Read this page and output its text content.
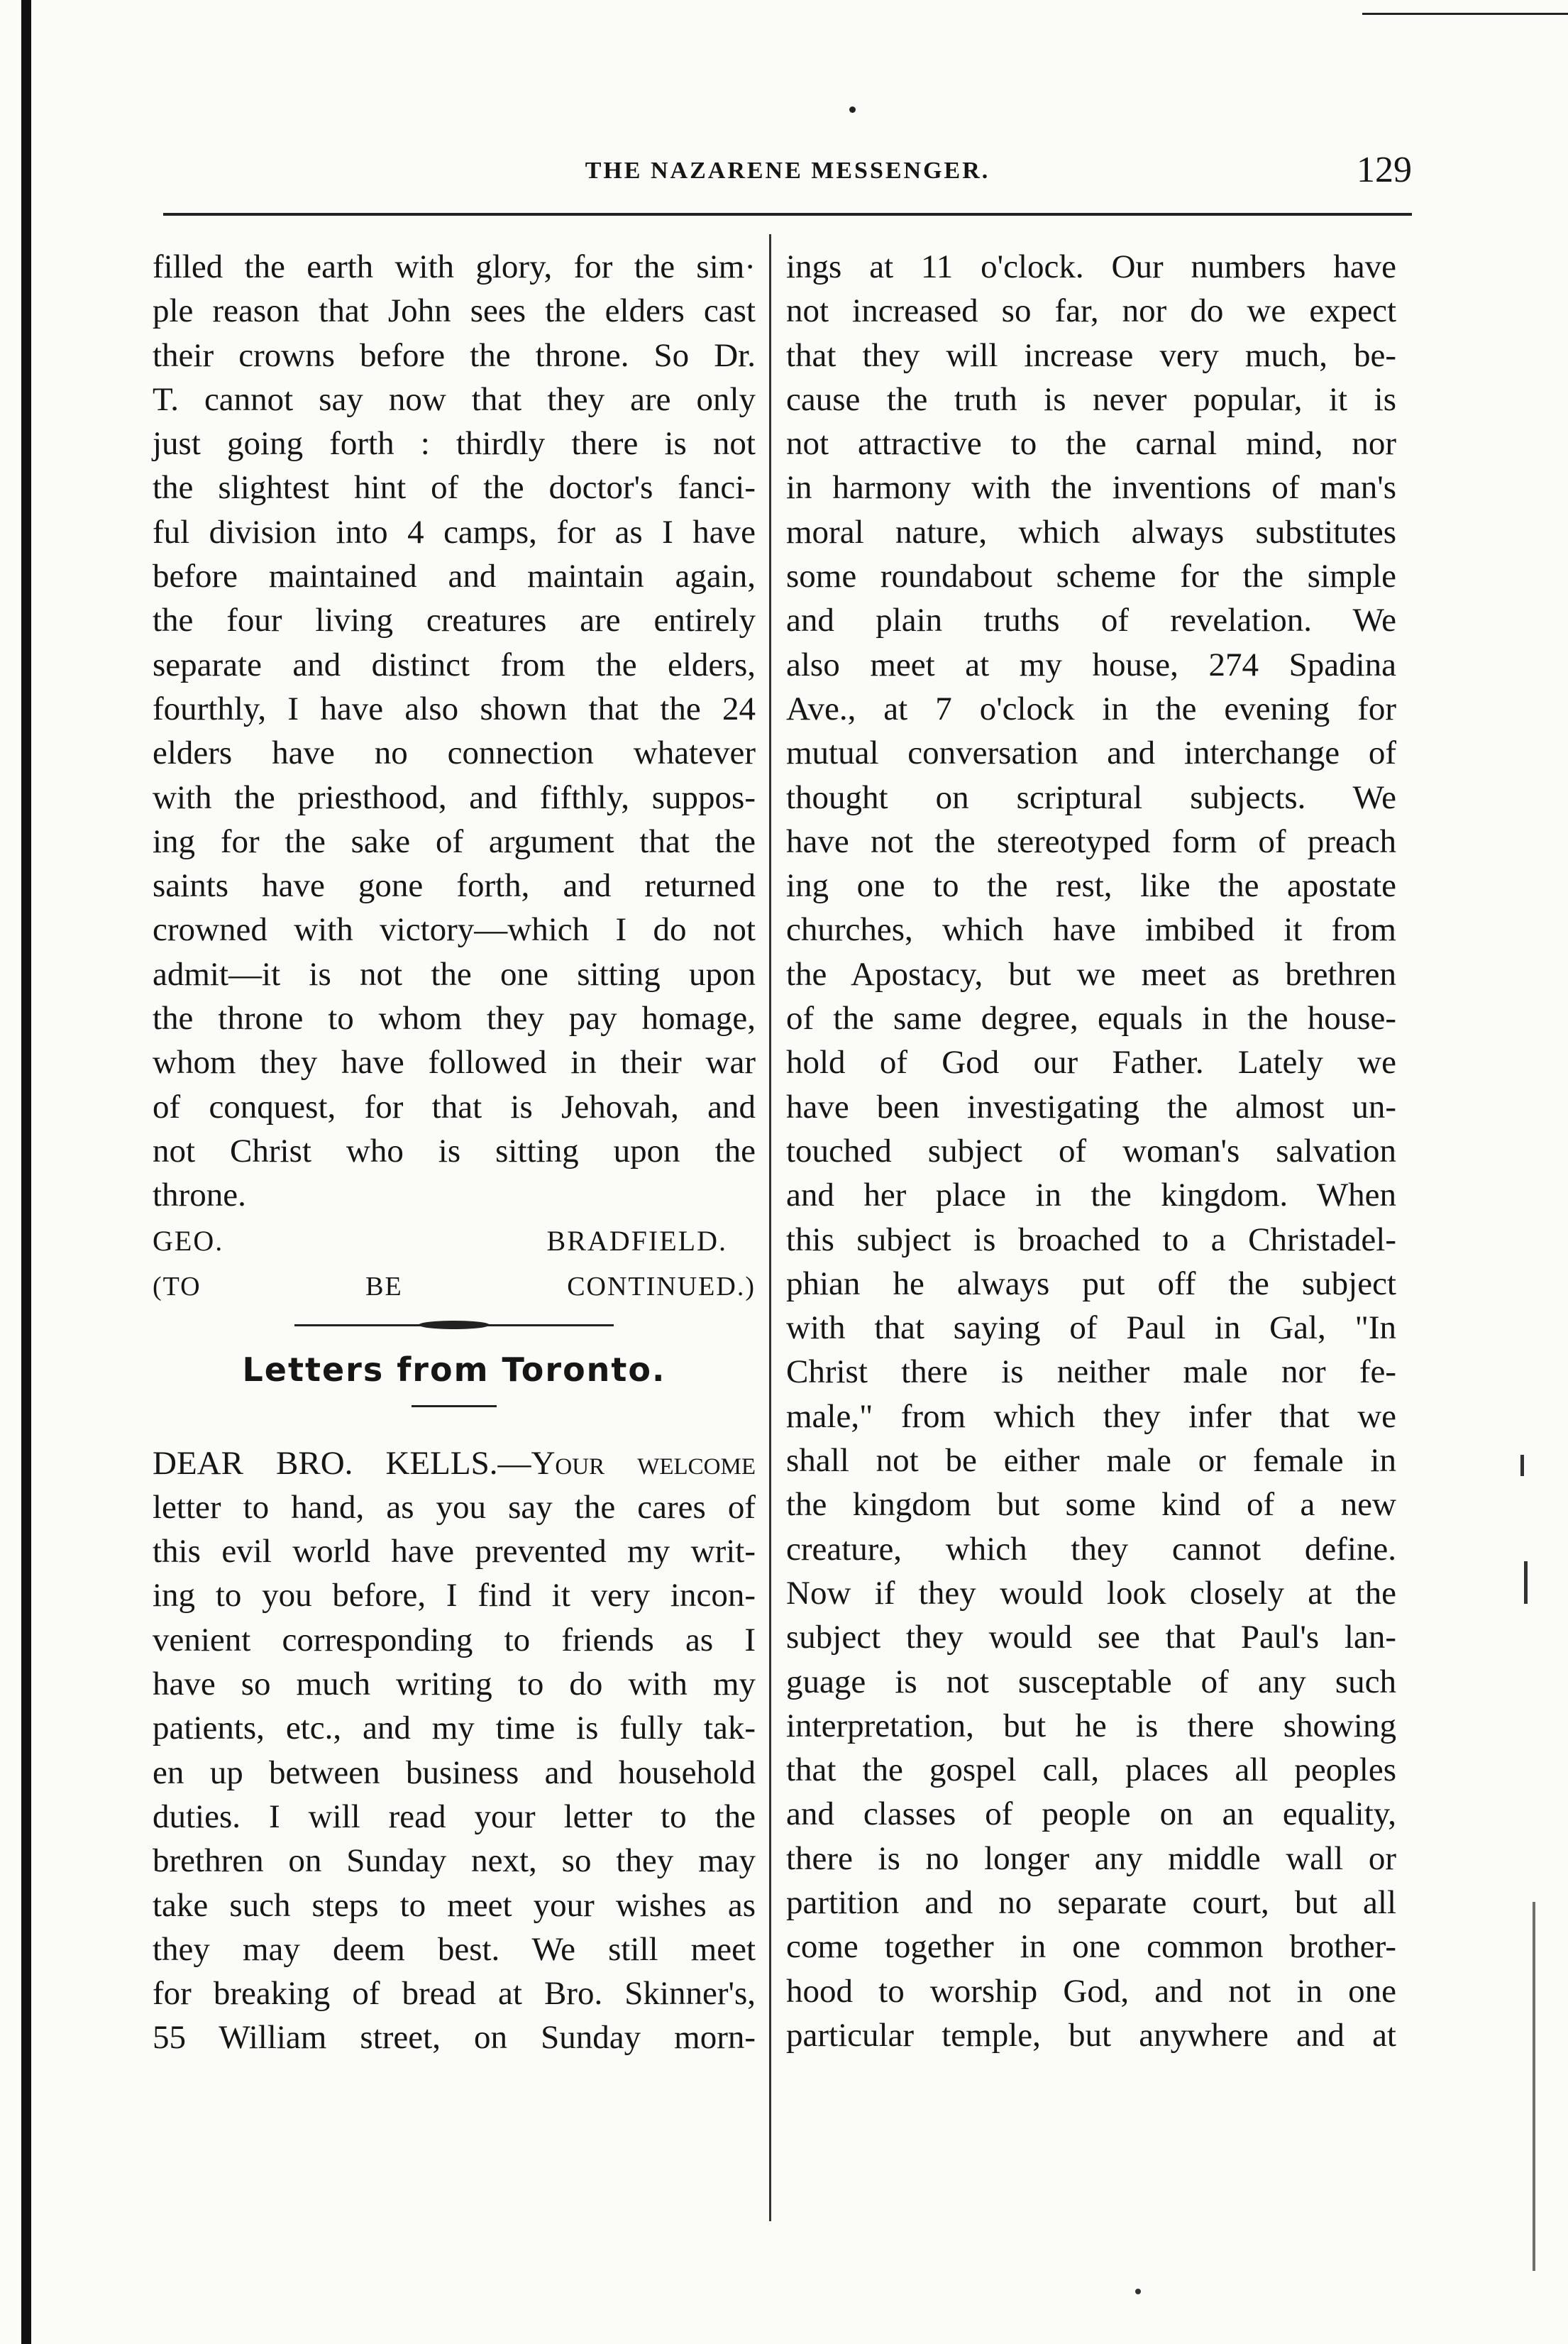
THE NAZARENE MESSENGER.	129

filled the earth with glory, for the sim·

ple reason that John sees the elders cast

their crowns before the throne. So Dr.

T. cannot say now that they are only

just going forth : thirdly there is not

the slightest hint of the doctor's fanci-

ful division into 4 camps, for as I have

before maintained and maintain again,

the four living creatures are entirely

separate and distinct from the elders,

fourthly, I have also shown that the 24

elders have no connection whatever

with the priesthood, and fifthly, suppos-

ing for the sake of argument that the

saints have gone forth, and returned

crowned with victory—which I do not

admit—it is not the one sitting upon

the throne to whom they pay homage,

whom they have followed in their war

of conquest, for that is Jehovah, and

not Christ who is sitting upon the

throne.

GEO. BRADFIELD.

(TO BE CONTINUED.)

Letters from Toronto.

DEAR BRO. KELLS.—Your welcome

letter to hand, as you say the cares of

this evil world have prevented my writ-

ing to you before, I find it very incon-

venient corresponding to friends as I

have so much writing to do with my

patients, etc., and my time is fully tak-

en up between business and household

duties. I will read your letter to the

brethren on Sunday next, so they may

take such steps to meet your wishes as

they may deem best. We still meet

for breaking of bread at Bro. Skinner's,

55 William street, on Sunday morn-

ings at 11 o'clock. Our numbers have

not increased so far, nor do we expect

that they will increase very much, be-

cause the truth is never popular, it is

not attractive to the carnal mind, nor

in harmony with the inventions of man's

moral nature, which always substitutes

some roundabout scheme for the simple

and plain truths of revelation. We

also meet at my house, 274 Spadina

Ave., at 7 o'clock in the evening for

mutual conversation and interchange of

thought on scriptural subjects. We

have not the stereotyped form of preach

ing one to the rest, like the apostate

churches, which have imbibed it from

the Apostacy, but we meet as brethren

of the same degree, equals in the house-

hold of God our Father. Lately we

have been investigating the almost un-

touched subject of woman's salvation

and her place in the kingdom. When

this subject is broached to a Christadel-

phian he always put off the subject

with that saying of Paul in Gal, "In

Christ there is neither male nor fe-

male," from which they infer that we

shall not be either male or female in

the kingdom but some kind of a new

creature, which they cannot define.

Now if they would look closely at the

subject they would see that Paul's lan-

guage is not susceptable of any such

interpretation, but he is there showing

that the gospel call, places all peoples

and classes of people on an equality,

there is no longer any middle wall or

partition and no separate court, but all

come together in one common brother-

hood to worship God, and not in one

particular temple, but anywhere and at
